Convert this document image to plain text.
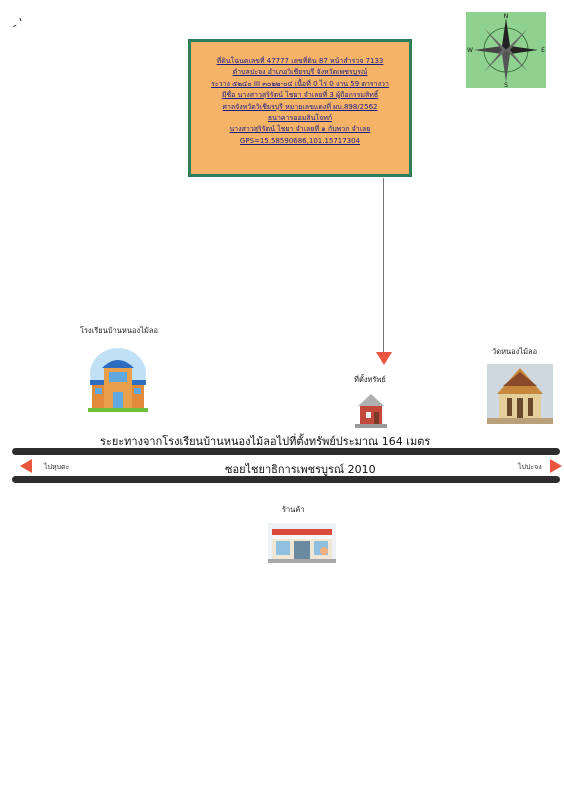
- '
ที่ดินโฉนดเลขที่ 47777 เลขที่ดิน 87 หน้าสำรวจ 7133
ตำบลปะจง อำเภอวิเชียรบุรี จังหวัดเพชรบูรณ์
ระวาง ๕๒๔๐ III ๓๐๒๒-๐๔ เนื้อที่ 0 ไร่ 0 งาน 59 ตารางวา
มีชื่อ นางสาวสุริรัตน์ ไชยา จำเลยที่ 3 ผู้ถือกรรมสิทธิ์
ศาลจังหวัดวิเชียรบุรี หมายเลขแดงที่ ผบ.898/2562
ธนาคารออมสินโจทก์
นางสาวสุริรัตน์ ไชยา จำเลยที่ ๑ กับพวก จำเลย
GPS=15.58590686,101.15717304
N
S
W	E
โรงเรียนบ้านหนองไม้ลอ
ที่ตั้งทรัพย์
วัดหนองไม้ลอ
ระยะทางจากโรงเรียนบ้านหนองไม้ลอไปที่ตั้งทรัพย์ประมาณ 164 เมตร
ไปหุบตะ	ซอยไชยาธิการเพชรบูรณ์ 2010	ไปปะจง
ร้านค้า
